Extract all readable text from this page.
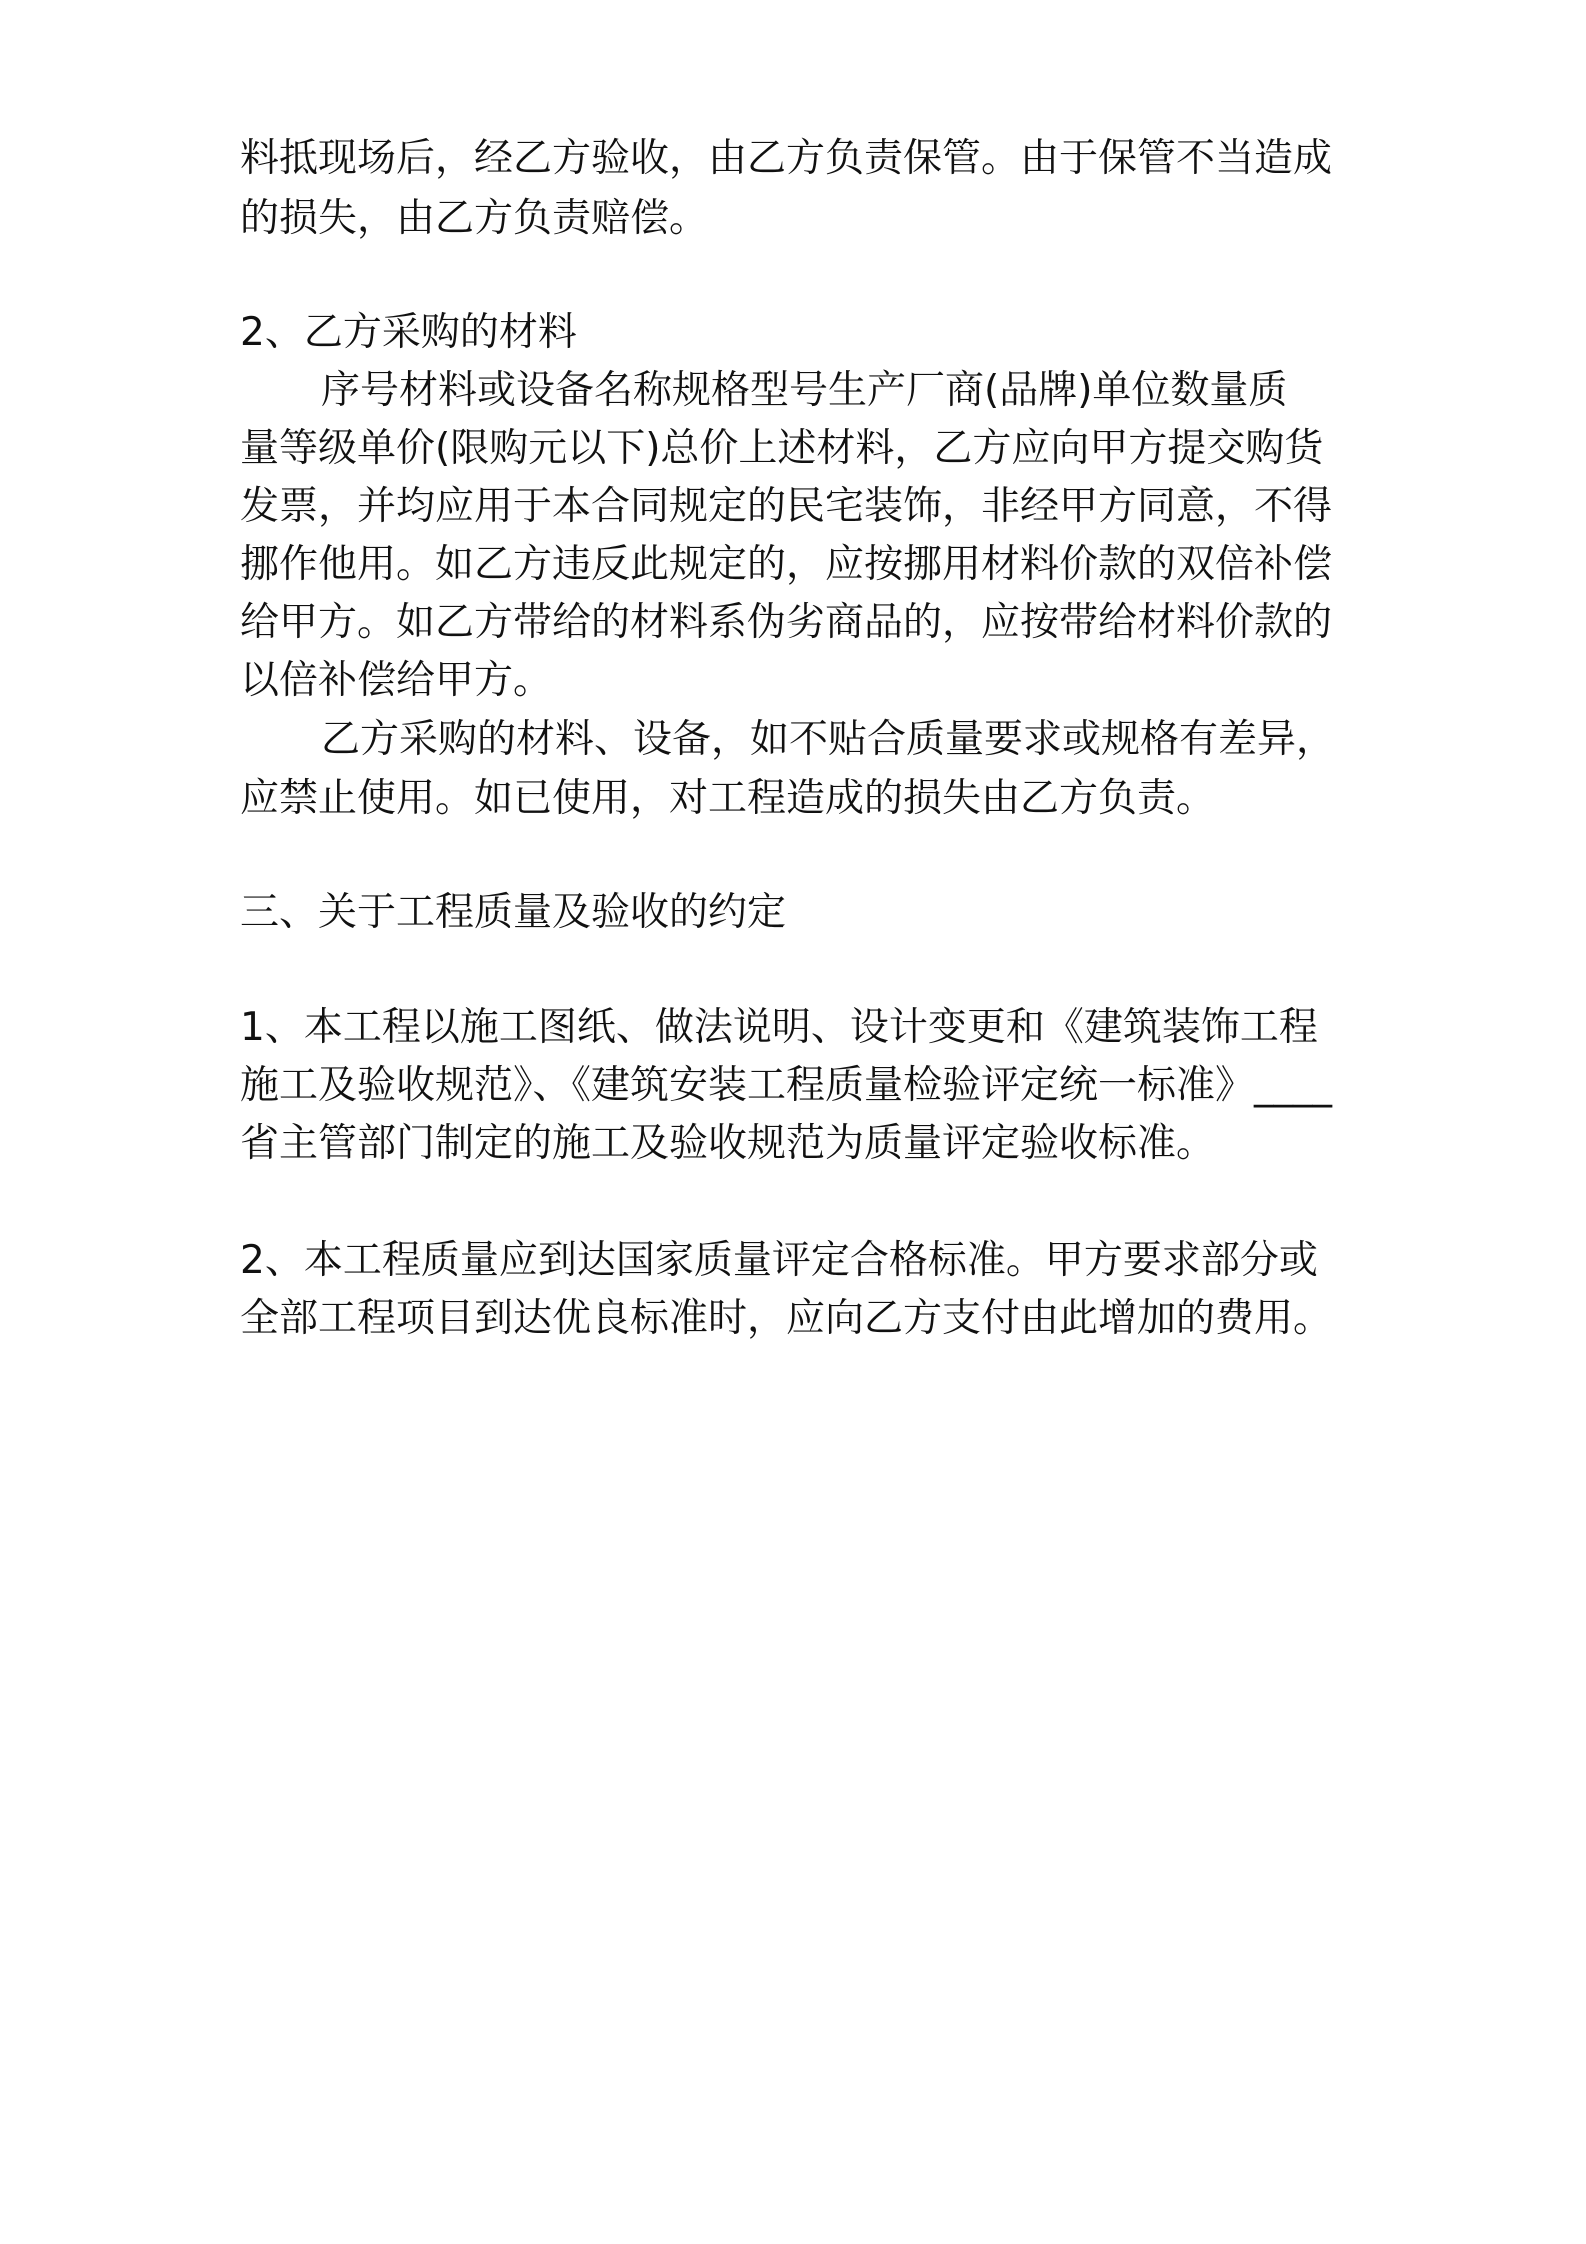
料抵现场后，经乙方验收，由乙方负责保管。由于保管不当造成
的损失，由乙方负责赔偿。
2、乙方采购的材料
序号材料或设备名称规格型号生产厂商(品牌)单位数量质
量等级单价(限购元以下)总价上述材料，乙方应向甲方提交购货
发票，并均应用于本合同规定的民宅装饰，非经甲方同意，不得
挪作他用。如乙方违反此规定的，应按挪用材料价款的双倍补偿
给甲方。如乙方带给的材料系伪劣商品的，应按带给材料价款的
以倍补偿给甲方。
乙方采购的材料、设备，如不贴合质量要求或规格有差异，
应禁止使用。如已使用，对工程造成的损失由乙方负责。
三、关于工程质量及验收的约定
1、本工程以施工图纸、做法说明、设计变更和《建筑装饰工程
施工及验收规范》、《建筑安装工程质量检验评定统一标准》____
省主管部门制定的施工及验收规范为质量评定验收标准。
2、本工程质量应到达国家质量评定合格标准。甲方要求部分或
全部工程项目到达优良标准时，应向乙方支付由此增加的费用。
